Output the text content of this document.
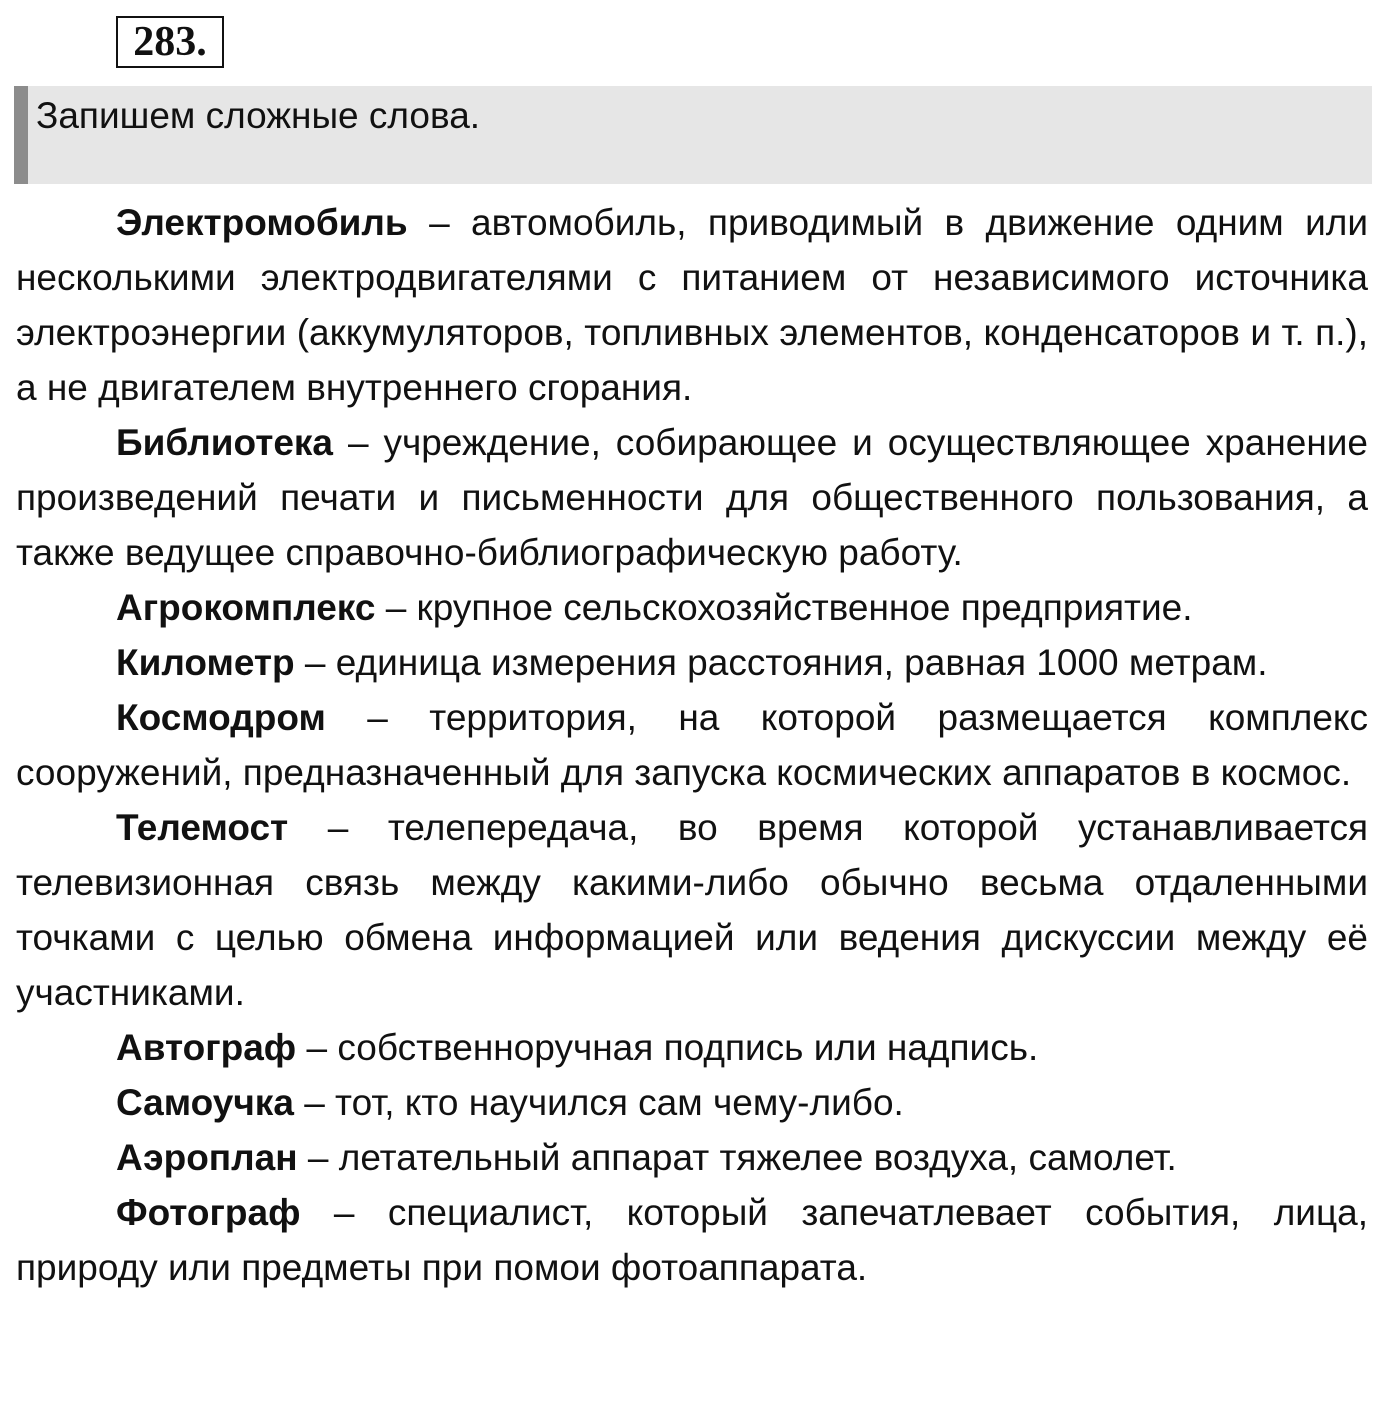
283.
Запишем сложные слова.

Электромобиль – автомобиль, приводимый в движение одним или несколькими электродвигателями с питанием от независимого источника электроэнергии (аккумуляторов, топливных элементов, конденсаторов и т. п.), а не двигателем внутреннего сгорания.

Библиотека – учреждение, собирающее и осуществляющее хранение произведений печати и письменности для общественного пользования, а также ведущее справочно-библиографическую работу.

Агрокомплекс – крупное сельскохозяйственное предприятие.

Километр – единица измерения расстояния, равная 1000 метрам.

Космодром – территория, на которой размещается комплекс сооружений, предназначенный для запуска космических аппаратов в космос.

Телемост – телепередача, во время которой устанавливается телевизионная связь между какими-либо обычно весьма отдаленными точками с целью обмена информацией или ведения дискуссии между её участниками.

Автограф – собственноручная подпись или надпись.

Самоучка – тот, кто научился сам чему-либо.

Аэроплан – летательный аппарат тяжелее воздуха, самолет.

Фотограф – специалист, который запечатлевает события, лица, природу или предметы при помои фотоаппарата.
